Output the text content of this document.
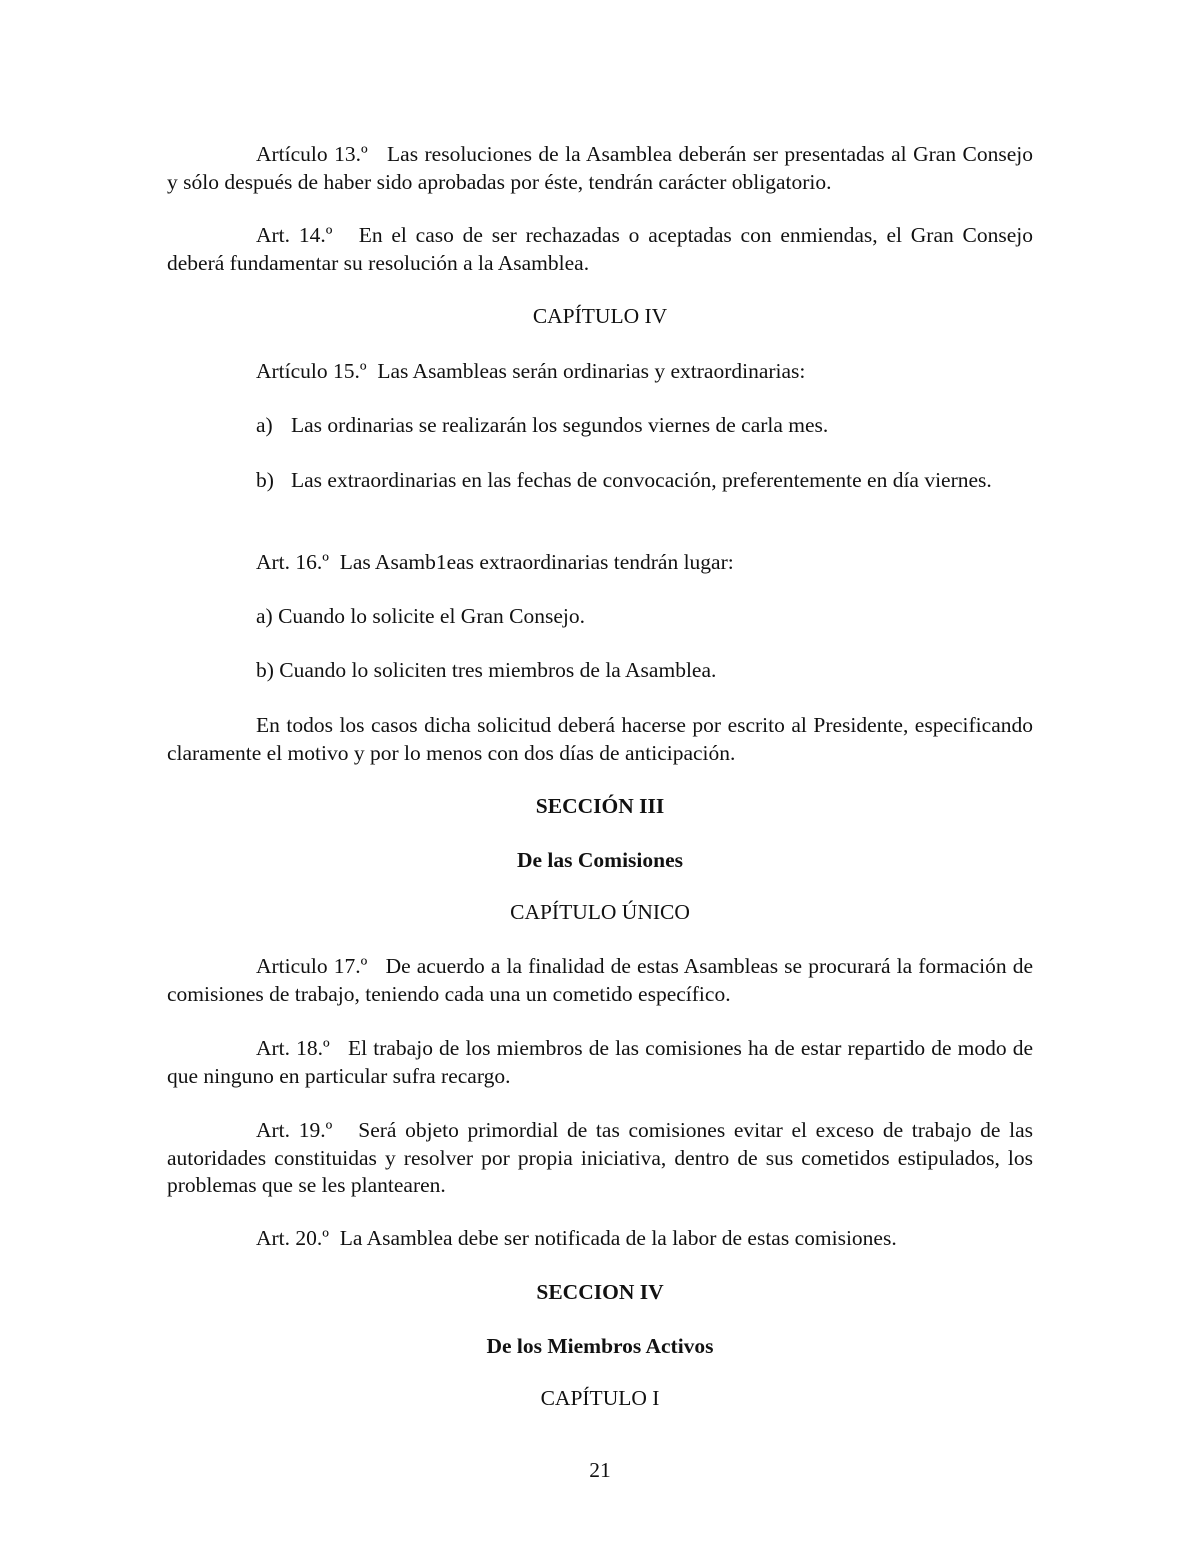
Artículo 13.º Las resoluciones de la Asamblea deberán ser presentadas al Gran Consejo y sólo después de haber sido aprobadas por éste, tendrán carácter obligatorio.
Art. 14.º En el caso de ser rechazadas o aceptadas con enmiendas, el Gran Consejo deberá fundamentar su resolución a la Asamblea.
CAPÍTULO IV
Artículo 15.º Las Asambleas serán ordinarias y extraordinarias:
a) Las ordinarias se realizarán los segundos viernes de carla mes.
b) Las extraordinarias en las fechas de convocación, preferentemente en día viernes.
Art. 16.º Las Asamb1eas extraordinarias tendrán lugar:
a) Cuando lo solicite el Gran Consejo.
b) Cuando lo soliciten tres miembros de la Asamblea.
En todos los casos dicha solicitud deberá hacerse por escrito al Presidente, especificando claramente el motivo y por lo menos con dos días de anticipación.
SECCIÓN III
De las Comisiones
CAPÍTULO ÚNICO
Articulo 17.º De acuerdo a la finalidad de estas Asambleas se procurará la formación de comisiones de trabajo, teniendo cada una un cometido específico.
Art. 18.º El trabajo de los miembros de las comisiones ha de estar repartido de modo de que ninguno en particular sufra recargo.
Art. 19.º Será objeto primordial de tas comisiones evitar el exceso de trabajo de las autoridades constituidas y resolver por propia iniciativa, dentro de sus cometidos estipulados, los problemas que se les plantearen.
Art. 20.º La Asamblea debe ser notificada de la labor de estas comisiones.
SECCION IV
De los Miembros Activos
CAPÍTULO I
21
